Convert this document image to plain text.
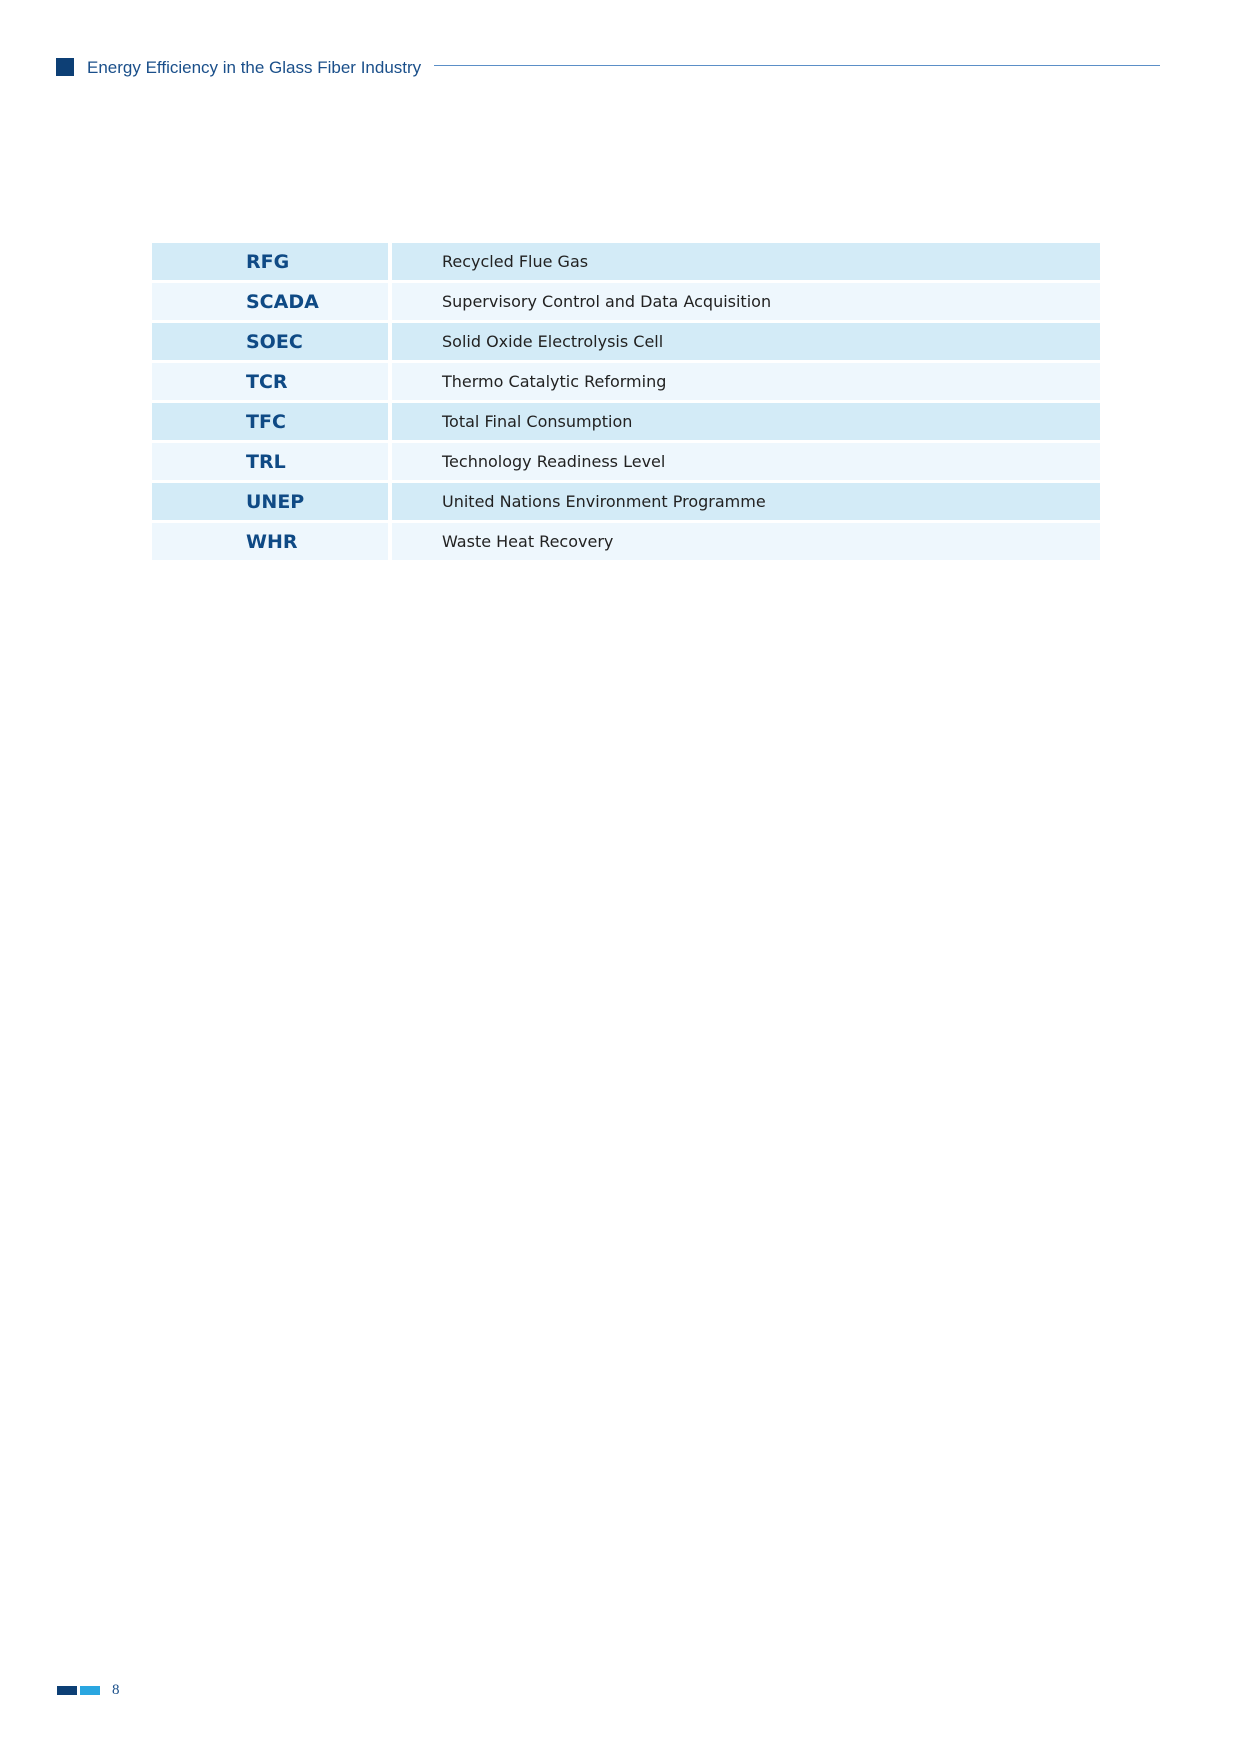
Energy Efficiency in the Glass Fiber Industry
RFG	Recycled Flue Gas
SCADA	Supervisory Control and Data Acquisition
SOEC	Solid Oxide Electrolysis Cell
TCR	Thermo Catalytic Reforming
TFC	Total Final Consumption
TRL	Technology Readiness Level
UNEP	United Nations Environment Programme
WHR	Waste Heat Recovery
8
